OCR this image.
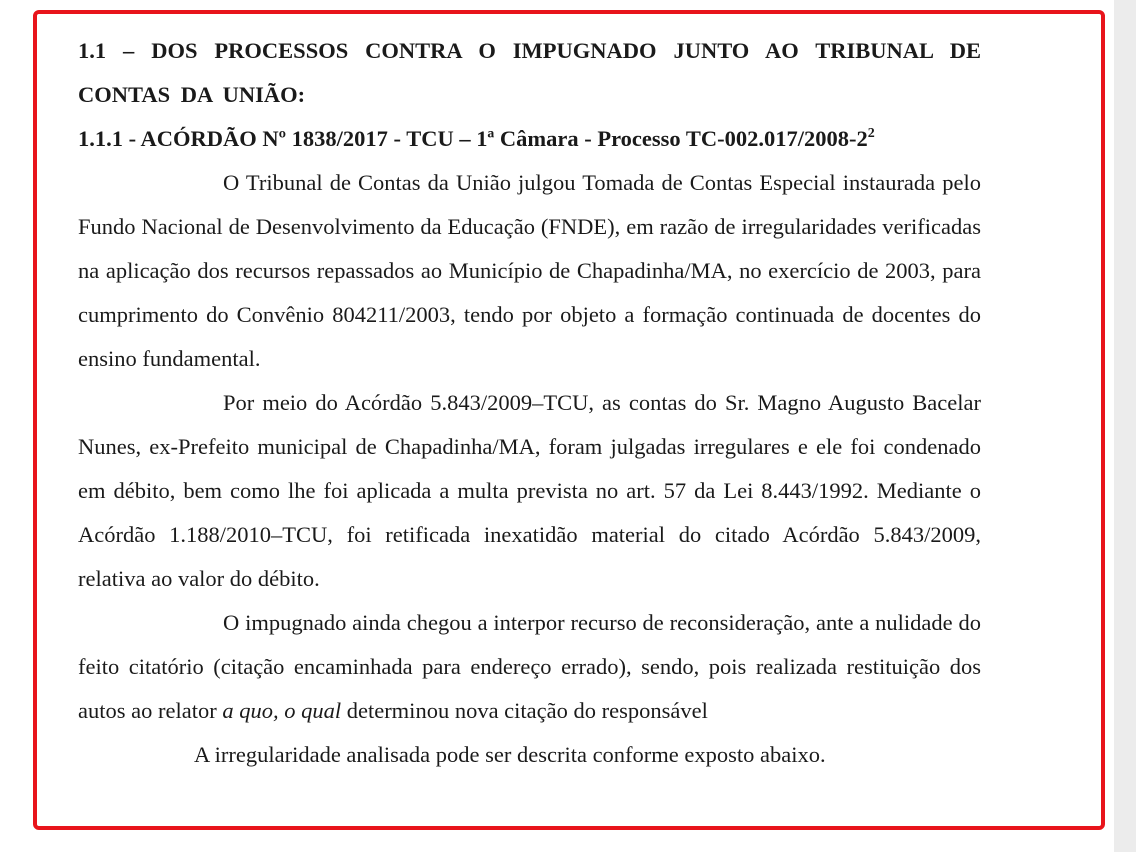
1.1 – DOS PROCESSOS CONTRA O IMPUGNADO JUNTO AO TRIBUNAL DE CONTAS DA UNIÃO:

1.1.1 - ACÓRDÃO Nº 1838/2017 - TCU – 1ª Câmara - Processo $TC-002.017/2008-2^2$

O Tribunal de Contas da União julgou Tomada de Contas Especial instaurada pelo Fundo Nacional de Desenvolvimento da Educação (FNDE), em razão de irregularidades verificadas na aplicação dos recursos repassados ao Município de Chapadinha/MA, no exercício de 2003, para cumprimento do Convênio 804211/2003, tendo por objeto a formação continuada de docentes do ensino fundamental.

Por meio do Acórdão 5.843/2009–TCU, as contas do Sr. Magno Augusto Bacelar Nunes, ex-Prefeito municipal de Chapadinha/MA, foram julgadas irregulares e ele foi condenado em débito, bem como lhe foi aplicada a multa prevista no art. 57 da Lei 8.443/1992. Mediante o Acórdão 1.188/2010–TCU, foi retificada inexatidão material do citado Acórdão 5.843/2009, relativa ao valor do débito.

O impugnado ainda chegou a interpor recurso de reconsideração, ante a nulidade do feito citatório (citação encaminhada para endereço errado), sendo, pois realizada restituição dos autos ao relator a quo, o qual determinou nova citação do responsável

A irregularidade analisada pode ser descrita conforme exposto abaixo.
